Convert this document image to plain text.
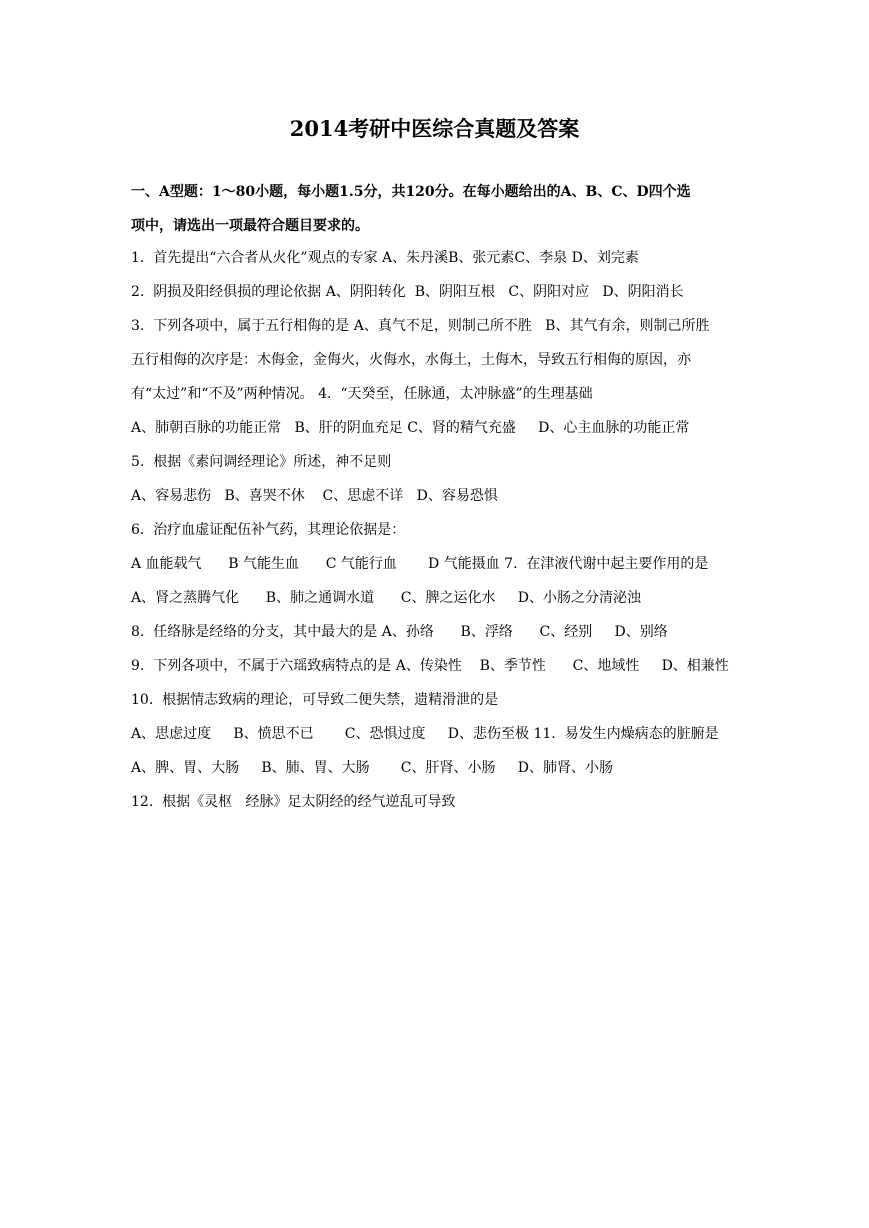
2014考研中医综合真题及答案
一、A型题：1～80小题，每小题1.5分，共120分。在每小题给出的A、B、C、D四个选
项中，请选出一项最符合题目要求的。
1.  首先提出“六合者从火化”观点的专家 A、朱丹溪B、张元素C、李泉 D、刘完素 2.  阴损及阳经俱损的理论依据 A、阴阳转化  B、阴阳互根   C、阴阳对应   D、阴阳消长 3.  下列各项中，属于五行相侮的是 A、真气不足，则制己所不胜   B、其气有余，则制己所胜 五行相侮的次序是：木侮金，金侮火，火侮水，水侮土，土侮木，导致五行相侮的原因，亦 有“太过”和“不及”两种情况。 4.  “天癸至，任脉通，太冲脉盛”的生理基础 A、肺朝百脉的功能正常   B、肝的阴血充足 C、肾的精气充盛     D、心主血脉的功能正常 5.  根据《素问调经理论》所述，神不足则 A、容易悲伤   B、喜哭不休    C、思虑不详   D、容易恐惧 6.  治疗血虚证配伍补气药，其理论依据是： A 血能载气      B 气能生血      C 气能行血       D 气能摄血 7.  在津液代谢中起主要作用的是 A、肾之蒸腾气化      B、肺之通调水道      C、脾之运化水     D、小肠之分清泌浊 8.  任络脉是经络的分支，其中最大的是 A、孙络      B、浮络      C、经别     D、别络 9.  下列各项中，不属于六瑶致病特点的是 A、传染性    B、季节性      C、地域性     D、相兼性 10.  根据情志致病的理论，可导致二便失禁，遗精滑泄的是 A、思虑过度     B、愤思不已       C、恐惧过度     D、悲伤至极 11.  易发生内燥病态的脏腑是 A、脾、胃、大肠     B、肺、胃、大肠       C、肝肾、小肠     D、肺肾、小肠 12.  根据《灵枢   经脉》足太阴经的经气逆乱可导致
